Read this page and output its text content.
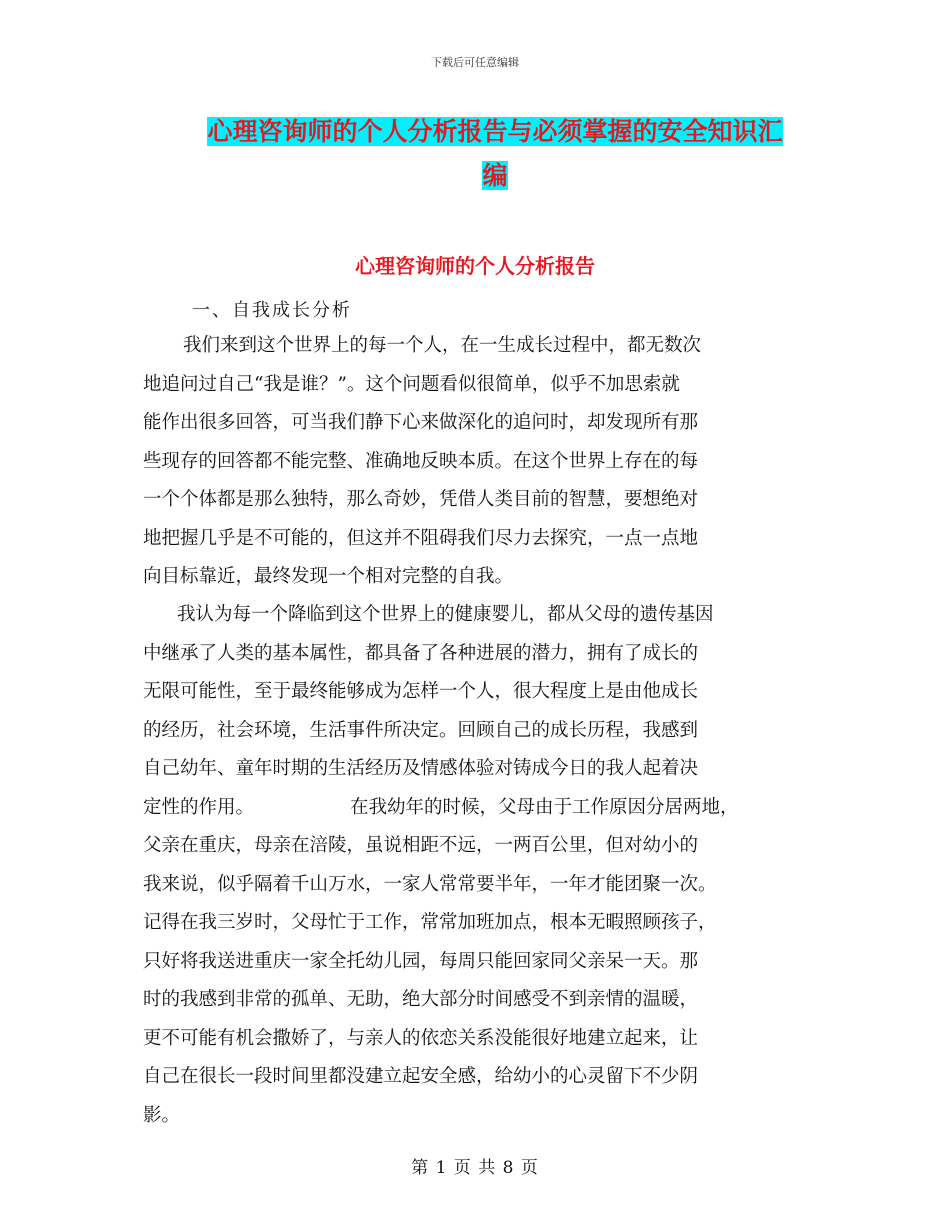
下载后可任意编辑
心理咨询师的个人分析报告与必须掌握的安全知识汇
编
心理咨询师的个人分析报告

一、自我成长分析

我们来到这个世界上的每一个人，在一生成长过程中，都无数次
地追问过自己“我是谁？”。这个问题看似很简单，似乎不加思索就
能作出很多回答，可当我们静下心来做深化的追问时，却发现所有那
些现存的回答都不能完整、准确地反映本质。在这个世界上存在的每
一个个体都是那么独特，那么奇妙，凭借人类目前的智慧，要想绝对
地把握几乎是不可能的，但这并不阻碍我们尽力去探究，一点一点地
向目标靠近，最终发现一个相对完整的自我。

我认为每一个降临到这个世界上的健康婴儿，都从父母的遗传基因
中继承了人类的基本属性，都具备了各种进展的潜力，拥有了成长的
无限可能性，至于最终能够成为怎样一个人，很大程度上是由他成长
的经历，社会环境，生活事件所决定。回顾自己的成长历程，我感到
自己幼年、童年时期的生活经历及情感体验对铸成今日的我人起着决
定性的作用。	在我幼年的时候，父母由于工作原因分居两地，
父亲在重庆，母亲在涪陵，虽说相距不远，一两百公里，但对幼小的
我来说，似乎隔着千山万水，一家人常常要半年，一年才能团聚一次。
记得在我三岁时，父母忙于工作，常常加班加点，根本无暇照顾孩子，
只好将我送进重庆一家全托幼儿园，每周只能回家同父亲呆一天。那
时的我感到非常的孤单、无助，绝大部分时间感受不到亲情的温暖，
更不可能有机会撒娇了，与亲人的依恋关系没能很好地建立起来，让
自己在很长一段时间里都没建立起安全感，给幼小的心灵留下不少阴
影。

第 1 页 共 8 页
